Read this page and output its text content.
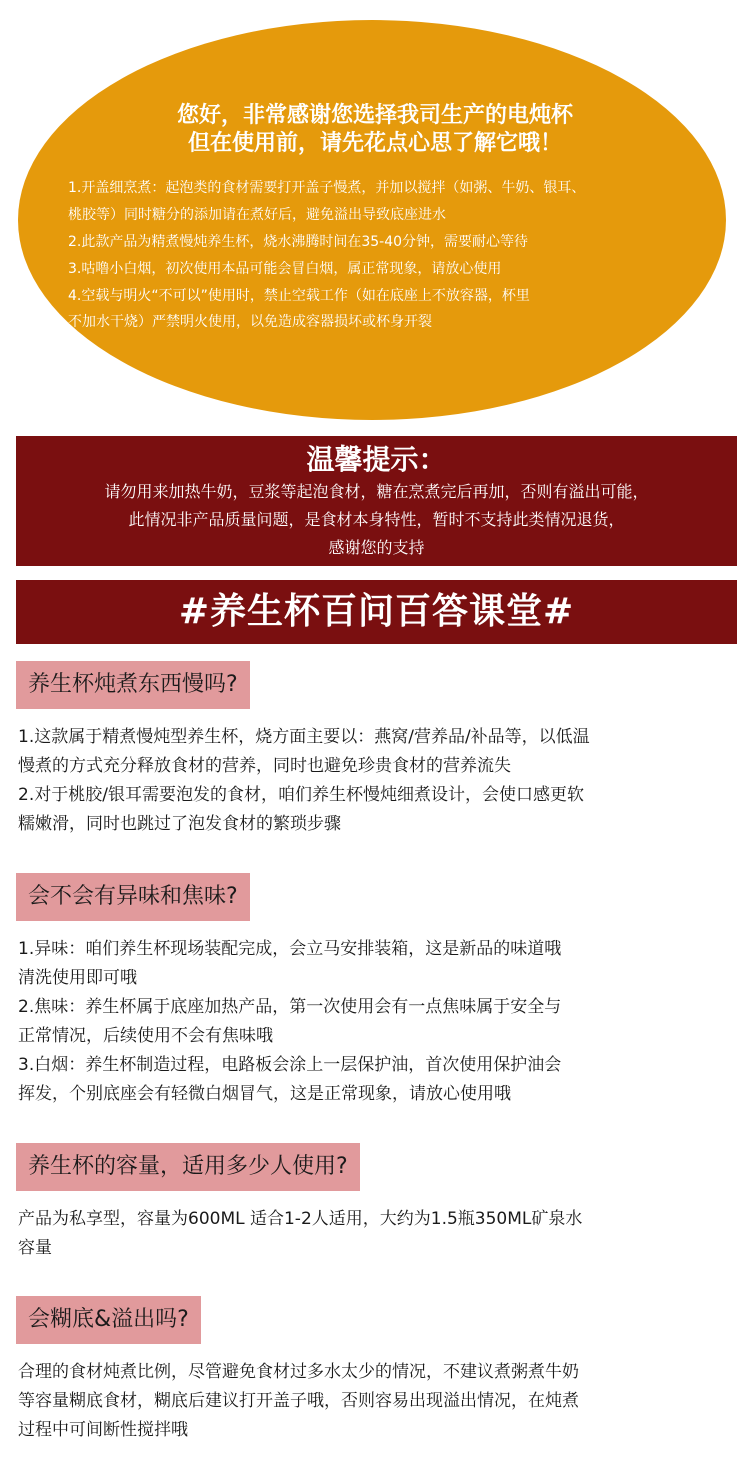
您好，非常感谢您选择我司生产的电炖杯
但在使用前，请先花点心思了解它哦！
1.开盖细烹煮：起泡类的食材需要打开盖子慢煮，并加以搅拌（如粥、牛奶、银耳、
桃胶等）同时糖分的添加请在煮好后，避免溢出导致底座进水
2.此款产品为精煮慢炖养生杯，烧水沸腾时间在35-40分钟，需要耐心等待
3.咕噜小白烟，初次使用本品可能会冒白烟，属正常现象，请放心使用
4.空载与明火“不可以”使用时，禁止空载工作（如在底座上不放容器，杯里
不加水干烧）严禁明火使用，以免造成容器损坏或杯身开裂
温馨提示：
请勿用来加热牛奶，豆浆等起泡食材，糖在烹煮完后再加，否则有溢出可能，
此情况非产品质量问题，是食材本身特性，暂时不支持此类情况退货，
感谢您的支持
#养生杯百问百答课堂#
养生杯炖煮东西慢吗?
1.这款属于精煮慢炖型养生杯，烧方面主要以：燕窝/营养品/补品等，以低温
慢煮的方式充分释放食材的营养，同时也避免珍贵食材的营养流失
2.对于桃胶/银耳需要泡发的食材，咱们养生杯慢炖细煮设计，会使口感更软
糯嫩滑，同时也跳过了泡发食材的繁琐步骤
会不会有异味和焦味?
1.异味：咱们养生杯现场装配完成，会立马安排装箱，这是新品的味道哦
清洗使用即可哦
2.焦味：养生杯属于底座加热产品，第一次使用会有一点焦味属于安全与
正常情况，后续使用不会有焦味哦
3.白烟：养生杯制造过程，电路板会涂上一层保护油，首次使用保护油会
挥发，个别底座会有轻微白烟冒气，这是正常现象，请放心使用哦
养生杯的容量，适用多少人使用?
产品为私享型，容量为600ML 适合1-2人适用，大约为1.5瓶350ML矿泉水
容量
会糊底&溢出吗?
合理的食材炖煮比例，尽管避免食材过多水太少的情况，不建议煮粥煮牛奶
等容量糊底食材，糊底后建议打开盖子哦，否则容易出现溢出情况，在炖煮
过程中可间断性搅拌哦
